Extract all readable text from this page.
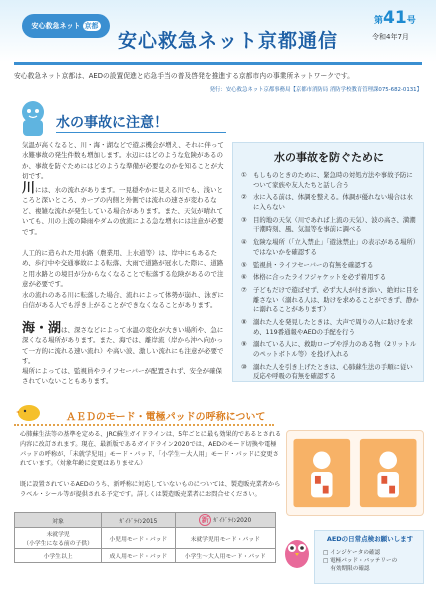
安心救急ネット 京都
安心救急ネット京都通信
第41号
令和4年7月
安心救急ネット京都は、AEDの設置促進と応急手当の普及啓発を推進する京都市内の事業所ネットワークです。
発行：安心救急ネット京都事務局【京都市消防局 消防学校教育管理課075-682-0131】
水の事故に注意！
気温が高くなると、川・海・湖などで遊ぶ機会が増え、それに伴って水難事故の発生件数も増加します。水辺にはどのような危険があるのか、事故を防ぐためにはどのような準備が必要なのかを知ることが大切です。
川には、水の流れがあります。一見穏やかに見える川でも、浅いところと深いところ、カーブの内側と外側では流れの速さが変わるなど、複雑な流れが発生している場合があります。また、天気が晴れていても、川の上流の降雨やダムの放流による急な増水には注意が必要です。
人工的に造られた用水路（農業用、上水道等）は、岸中にもあるため、歩行中や交通事故による転落、大雨で道路が冠水した際に、道路と用水路との境目が分からなくなることで転落する危険があるので注意が必要です。
水の流れのある川に転落した場合、流れによって体勢が崩れ、泳ぎに自信がある人でも浮き上がることができなくなることがあります。
海・湖は、深さなどによって水温の変化が大きい場所や、急に深くなる場所があります。また、海では、離岸流（岸から沖へ向かって一方的に流れる速い流れ）や高い波、激しい流れにも注意が必要です。
場所によっては、監視員やライフセーバーが配置されず、安全が確保されていないこともあります。
水の事故を防ぐために
① もしものときのために、緊急時の対処方法や事故予防について家族や友人たちと話し合う
② 水に入る前は、体調を整える。体調が優れない場合は水に入らない
③ 目的地の天気（川であれば上流の天気）、波の高さ、満潮干潮時刻、風、気温等を事前に調べる
④ 危険な場所（「立入禁止」「遊泳禁止」の表示がある場所）ではないかを確認する
⑤ 監視員・ライフセーバーの有無を確認する
⑥ 体格に合ったライフジャケットを必ず着用する
⑦ 子どもだけで遊ばせず、必ず大人が付き添い、絶対に目を離さない（溺れる人は、助けを求めることができず、静かに溺れることがあります）
⑧ 溺れた人を発見したときは、大声で周りの人に助けを求め、119番通報やAEDの手配を行う
⑨ 溺れている人に、救助ロープや浮力のある物（2リットルのペットボトル等）を投げ入れる
⑩ 溺れた人を引き上げたときは、心肺蘇生法の手順に従い反応や呼吸の有無を確認する
ＡＥＤのモード・電極パッドの呼称について
心肺蘇生法等の基準を定める、JRC蘇生ガイドラインは、5年ごとに最も効果的であるとされる内容に改訂されます。現在、最新版であるガイドライン2020では、AEDのモード切換や電極パッドの呼称が、「未就学児用」モード・パッド、「小学生〜大人用」モード・パッドに変更されています。（対象年齢に変更はありません）
既に設置されているAEDのうち、新呼称に対応していないものについては、製造販売業者からラベル・シール等が提供される予定です。詳しくは製造販売業者にお問合せください。
対象	ｶﾞｲﾄﾞﾗｲﾝ2015	新 ｶﾞｲﾄﾞﾗｲﾝ2020
未就学児
（小学生になる前の子供）	小児用モード・パッド	未就学児用モード・パッド
小学生以上	成人用モード・パッド	小学生〜大人用モード・パッド
AEDの日常点検お願いします
□ インジケータの確認
□ 電極パッド・バッテリーの
　 有効期限の確認
